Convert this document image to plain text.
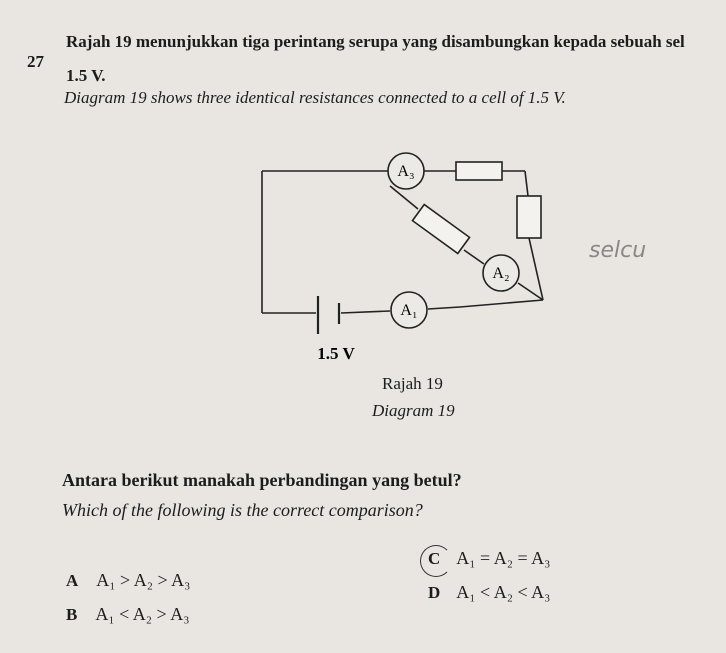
27
Rajah 19 menunjukkan tiga perintang serupa yang disambungkan kepada sebuah sel
1.5 V.
Diagram 19 shows three identical resistances connected to a cell of 1.5 V.
A₃
A₂
A₁
1.5 V
selcu
Rajah 19
Diagram 19
Antara berikut manakah perbandingan yang betul?
Which of the following is the correct comparison?
A A₁ > A₂ > A₃
B A₁ < A₂ > A₃
C A₁ = A₂ = A₃
D A₁ < A₂ < A₃
